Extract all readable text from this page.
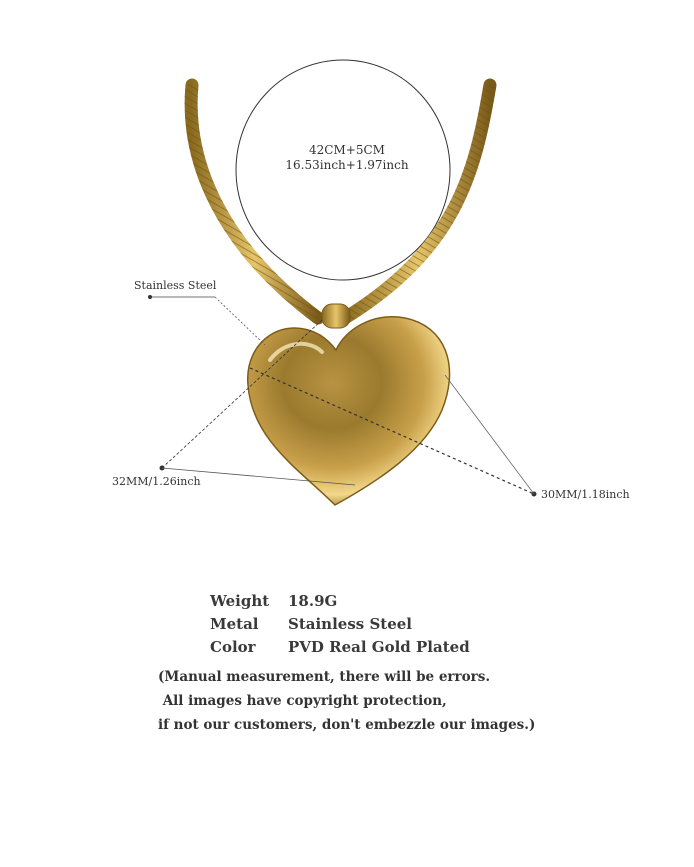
42CM+5CM
16.53inch+1.97inch
Stainless Steel
32MM/1.26inch
30MM/1.18inch
Weight	18.9G
Metal	Stainless Steel
Color	PVD Real Gold Plated
(Manual measurement, there will be errors.
All images have copyright protection,
if not our customers, don't embezzle our images.)
